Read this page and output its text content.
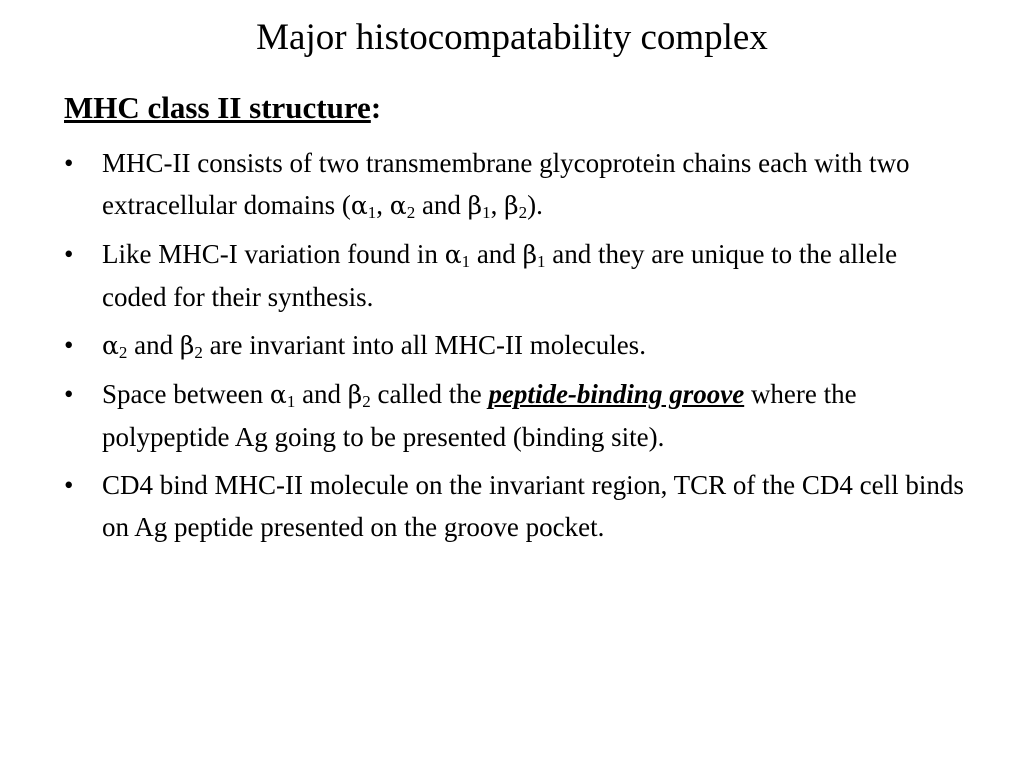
Major histocompatability complex
MHC class II structure:
• MHC-II consists of two transmembrane glycoprotein chains each with two extracellular domains ($\alpha_1$, $\alpha_2$ and $\beta_1$, $\beta_2$).
• Like MHC-I variation found in $\alpha_1$ and $\beta_1$ and they are unique to the allele coded for their synthesis.
• $\alpha_2$ and $\beta_2$ are invariant into all MHC-II molecules.
• Space between $\alpha_1$ and $\beta_2$ called the peptide-binding groove where the polypeptide Ag going to be presented (binding site).
• CD4 bind MHC-II molecule on the invariant region, TCR of the CD4 cell binds on Ag peptide presented on the groove pocket.
